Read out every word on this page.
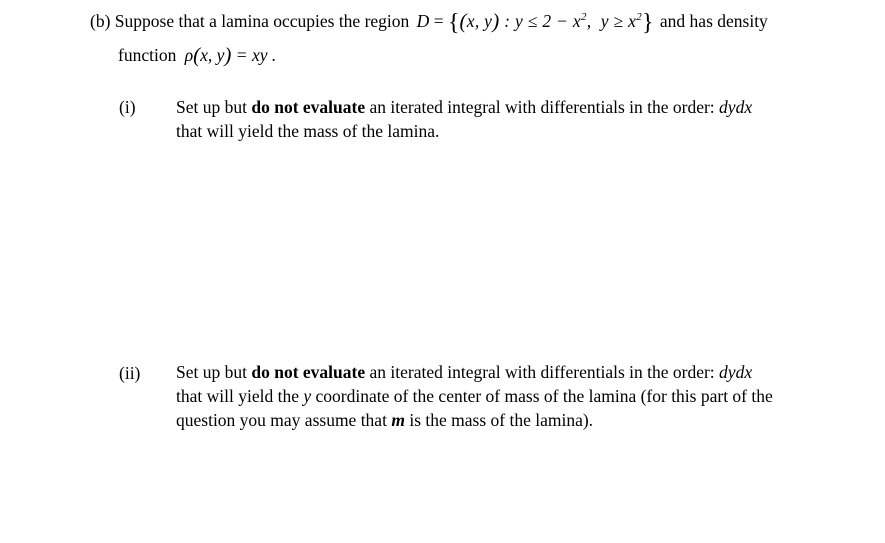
(b) Suppose that a lamina occupies the region D = {(x, y) : $y \le 2 - x^2$,  $y \ge x^2$} and has density
function ρ(x, y) = xy .
(i) Set up but do not evaluate an iterated integral with differentials in the order: dydx
that will yield the mass of the lamina.
(ii) Set up but do not evaluate an iterated integral with differentials in the order: dydx
that will yield the y coordinate of the center of mass of the lamina (for this part of the
question you may assume that m is the mass of the lamina).
